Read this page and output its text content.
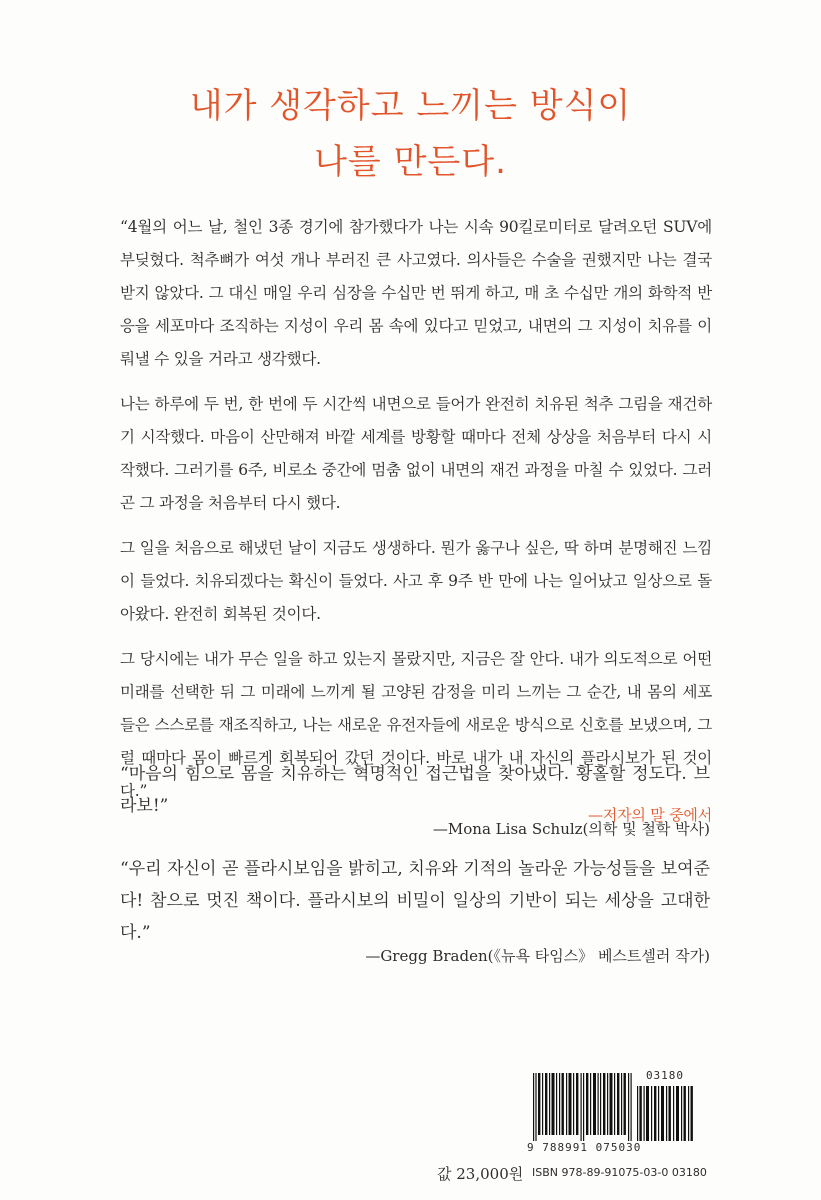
내가 생각하고 느끼는 방식이
나를 만든다.

“4월의 어느 날, 철인 3종 경기에 참가했다가 나는 시속 90킬로미터로 달려오던 SUV에 부딪혔다. 척추뼈가 여섯 개나 부러진 큰 사고였다. 의사들은 수술을 권했지만 나는 결국 받지 않았다. 그 대신 매일 우리 심장을 수십만 번 뛰게 하고, 매 초 수십만 개의 화학적 반응을 세포마다 조직하는 지성이 우리 몸 속에 있다고 믿었고, 내면의 그 지성이 치유를 이뤄낼 수 있을 거라고 생각했다.

나는 하루에 두 번, 한 번에 두 시간씩 내면으로 들어가 완전히 치유된 척추 그림을 재건하기 시작했다. 마음이 산만해져 바깥 세계를 방황할 때마다 전체 상상을 처음부터 다시 시작했다. 그러기를 6주, 비로소 중간에 멈춤 없이 내면의 재건 과정을 마칠 수 있었다. 그러곤 그 과정을 처음부터 다시 했다.

그 일을 처음으로 해냈던 날이 지금도 생생하다. 뭔가 옳구나 싶은, 딱 하며 분명해진 느낌이 들었다. 치유되겠다는 확신이 들었다. 사고 후 9주 반 만에 나는 일어났고 일상으로 돌아왔다. 완전히 회복된 것이다.

그 당시에는 내가 무슨 일을 하고 있는지 몰랐지만, 지금은 잘 안다. 내가 의도적으로 어떤 미래를 선택한 뒤 그 미래에 느끼게 될 고양된 감정을 미리 느끼는 그 순간, 내 몸의 세포들은 스스로를 재조직하고, 나는 새로운 유전자들에 새로운 방식으로 신호를 보냈으며, 그럴 때마다 몸이 빠르게 회복되어 갔던 것이다. 바로 내가 내 자신의 플라시보가 된 것이다.”

—저자의 말 중에서

“마음의 힘으로 몸을 치유하는 혁명적인 접근법을 찾아냈다. 황홀할 정도다. 브라보!”

—Mona Lisa Schulz(의학 및 철학 박사)

“우리 자신이 곧 플라시보임을 밝히고, 치유와 기적의 놀라운 가능성들을 보여준다! 참으로 멋진 책이다. 플라시보의 비밀이 일상의 기반이 되는 세상을 고대한다.”

—Gregg Braden(《뉴욕 타임스》 베스트셀러 작가)
03180
9 788991 075030
값 23,000원 ISBN 978-89-91075-03-0 03180
